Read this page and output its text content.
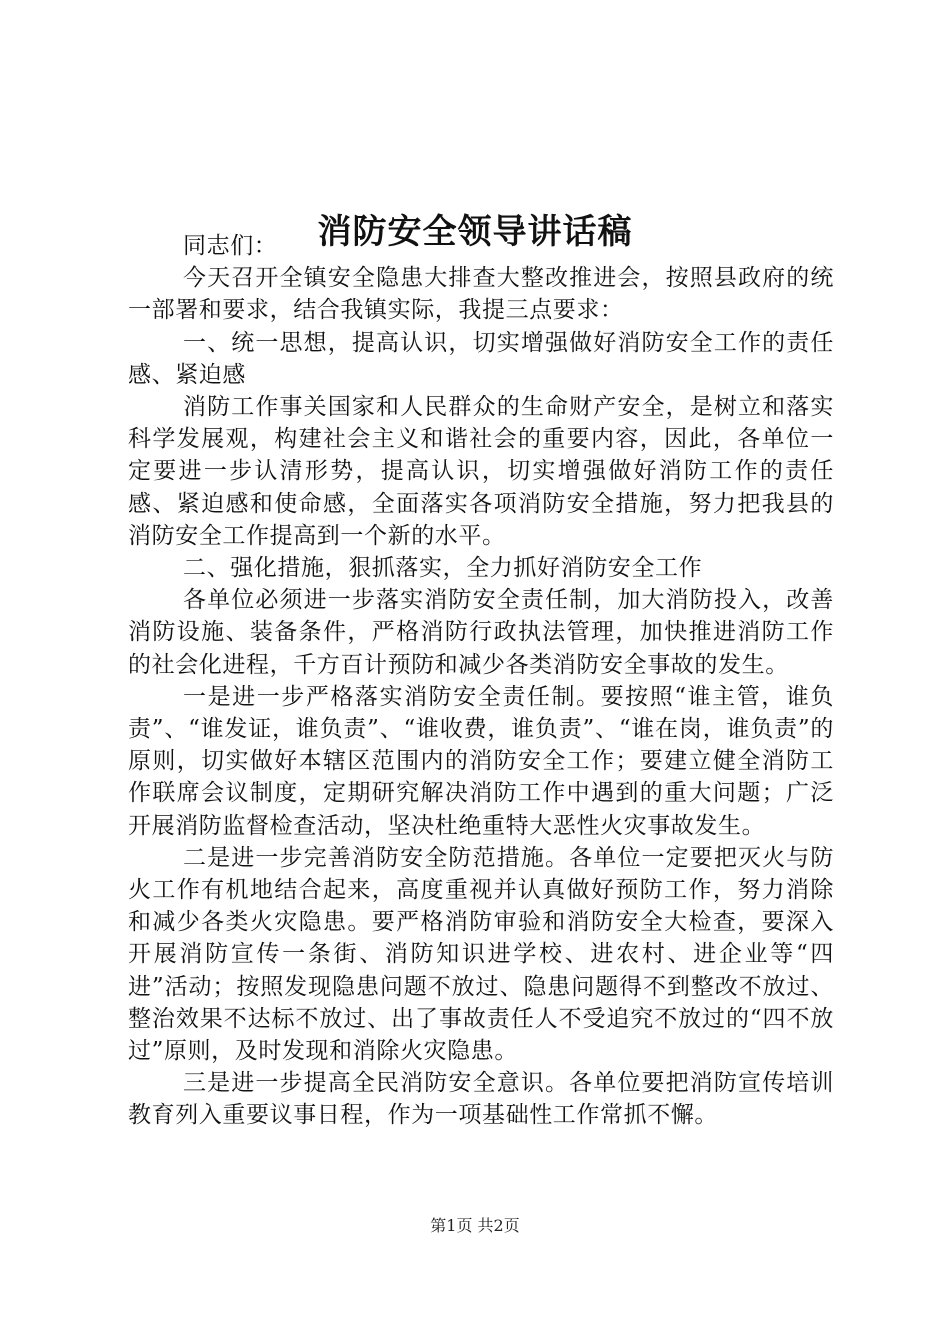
消防安全领导讲话稿

同志们：

今天召开全镇安全隐患大排查大整改推进会，按照县政府的统一部署和要求，结合我镇实际，我提三点要求：

一、统一思想，提高认识，切实增强做好消防安全工作的责任感、紧迫感

消防工作事关国家和人民群众的生命财产安全，是树立和落实科学发展观，构建社会主义和谐社会的重要内容，因此，各单位一定要进一步认清形势，提高认识，切实增强做好消防工作的责任感、紧迫感和使命感，全面落实各项消防安全措施，努力把我县的消防安全工作提高到一个新的水平。

二、强化措施，狠抓落实，全力抓好消防安全工作

各单位必须进一步落实消防安全责任制，加大消防投入，改善消防设施、装备条件，严格消防行政执法管理，加快推进消防工作的社会化进程，千方百计预防和减少各类消防安全事故的发生。

一是进一步严格落实消防安全责任制。要按照“谁主管，谁负责”、“谁发证，谁负责”、“谁收费，谁负责”、“谁在岗，谁负责”的原则，切实做好本辖区范围内的消防安全工作；要建立健全消防工作联席会议制度，定期研究解决消防工作中遇到的重大问题；广泛开展消防监督检查活动，坚决杜绝重特大恶性火灾事故发生。

二是进一步完善消防安全防范措施。各单位一定要把灭火与防火工作有机地结合起来，高度重视并认真做好预防工作，努力消除和减少各类火灾隐患。要严格消防审验和消防安全大检查，要深入开展消防宣传一条街、消防知识进学校、进农村、进企业等“四进”活动；按照发现隐患问题不放过、隐患问题得不到整改不放过、整治效果不达标不放过、出了事故责任人不受追究不放过的“四不放过”原则，及时发现和消除火灾隐患。

三是进一步提高全民消防安全意识。各单位要把消防宣传培训教育列入重要议事日程，作为一项基础性工作常抓不懈。

第1页 共2页
